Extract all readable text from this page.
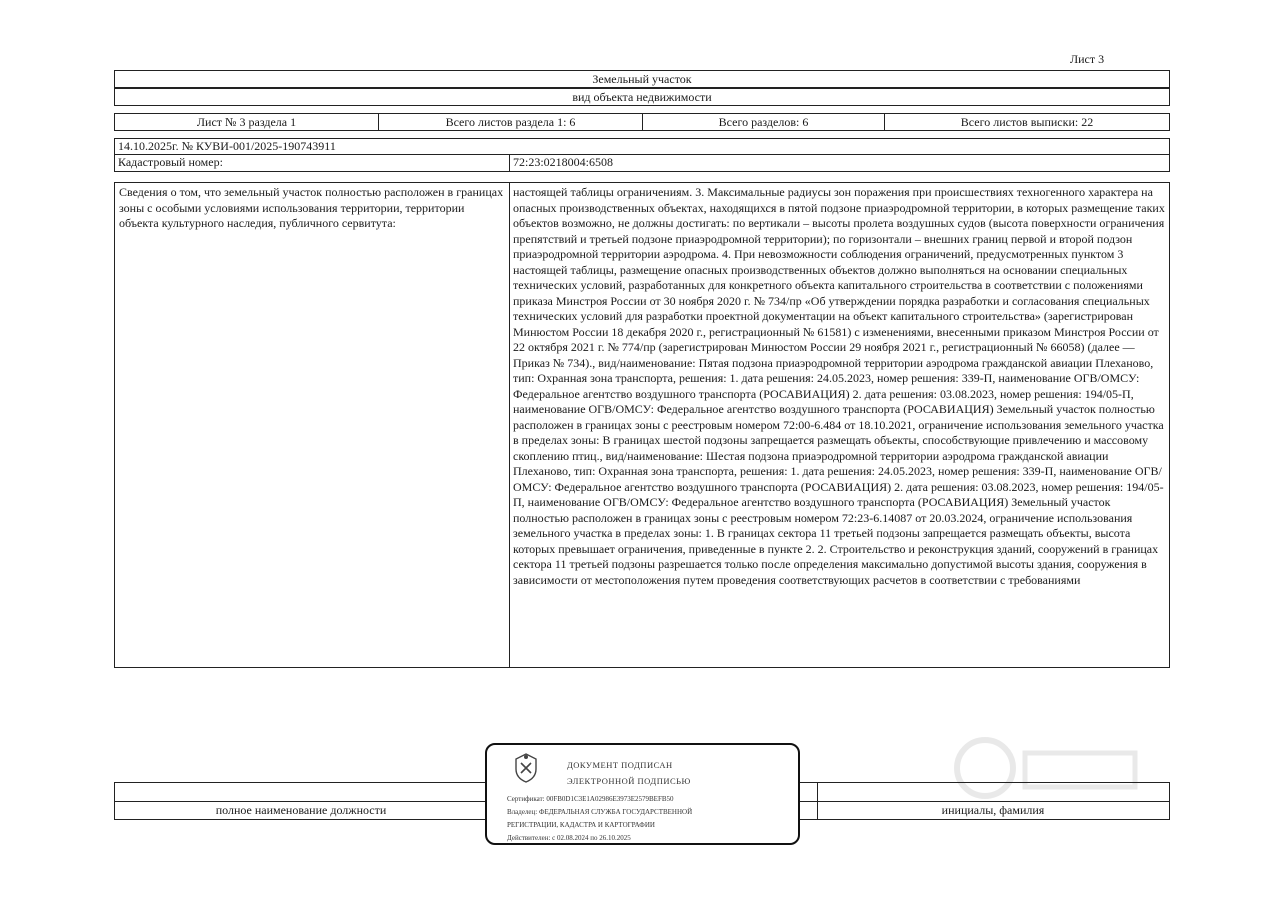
Лист 3
Земельный участок
вид объекта недвижимости
Лист № 3 раздела 1	Всего листов раздела 1: 6	Всего разделов: 6	Всего листов выписки: 22
14.10.2025г. № КУВИ-001/2025-190743911
Кадастровый номер:	72:23:0218004:6508
Сведения о том, что земельный участок полностью расположен в границах зоны с особыми условиями использования территории, территории объекта культурного наследия, публичного сервитута:
настоящей таблицы ограничениям. 3. Максимальные радиусы зон поражения при происшествиях техногенного характера на опасных производственных объектах, находящихся в пятой подзоне приаэродромной территории, в которых размещение таких объектов возможно, не должны достигать: по вертикали – высоты пролета воздушных судов (высота поверхности ограничения препятствий и третьей подзоне приаэродромной территории); по горизонтали – внешних границ первой и второй подзон приаэродромной территории аэродрома. 4. При невозможности соблюдения ограничений, предусмотренных пунктом 3 настоящей таблицы, размещение опасных производственных объектов должно выполняться на основании специальных технических условий, разработанных для конкретного объекта капитального строительства в соответствии с положениями приказа Минстроя России от 30 ноября 2020 г. № 734/пр «Об утверждении порядка разработки и согласования специальных технических условий для разработки проектной документации на объект капитального строительства» (зарегистрирован Минюстом России 18 декабря 2020 г., регистрационный № 61581) с изменениями, внесенными приказом Минстроя России от 22 октября 2021 г. № 774/пр (зарегистрирован Минюстом России 29 ноября 2021 г., регистрационный № 66058) (далее — Приказ № 734)., вид/наименование: Пятая подзона приаэродромной территории аэродрома гражданской авиации Плеханово, тип: Охранная зона транспорта, решения: 1. дата решения: 24.05.2023, номер решения: 339-П, наименование ОГВ/ОМСУ: Федеральное агентство воздушного транспорта (РОСАВИАЦИЯ) 2. дата решения: 03.08.2023, номер решения: 194/05-П, наименование ОГВ/ОМСУ: Федеральное агентство воздушного транспорта (РОСАВИАЦИЯ) Земельный участок полностью расположен в границах зоны с реестровым номером 72:00-6.484 от 18.10.2021, ограничение использования земельного участка в пределах зоны: В границах шестой подзоны запрещается размещать объекты, способствующие привлечению и массовому скоплению птиц., вид/наименование: Шестая подзона приаэродромной территории аэродрома гражданской авиации Плеханово, тип: Охранная зона транспорта, решения: 1. дата решения: 24.05.2023, номер решения: 339-П, наименование ОГВ/ОМСУ: Федеральное агентство воздушного транспорта (РОСАВИАЦИЯ) 2. дата решения: 03.08.2023, номер решения: 194/05-П, наименование ОГВ/ОМСУ: Федеральное агентство воздушного транспорта (РОСАВИАЦИЯ) Земельный участок полностью расположен в границах зоны с реестровым номером 72:23-6.14087 от 20.03.2024, ограничение использования земельного участка в пределах зоны: 1. В границах сектора 11 третьей подзоны запрещается размещать объекты, высота которых превышает ограничения, приведенные в пункте 2. 2. Строительство и реконструкция зданий, сооружений в границах сектора 11 третьей подзоны разрешается только после определения максимально допустимой высоты здания, сооружения в зависимости от местоположения путем проведения соответствующих расчетов в соответствии с требованиями
полное наименование должности	инициалы, фамилия
ДОКУМЕНТ ПОДПИСАН
ЭЛЕКТРОННОЙ ПОДПИСЬЮ
Сертификат: 00FB0D1C3E1A02986E3973E2579BEFB50
Владелец: ФЕДЕРАЛЬНАЯ СЛУЖБА ГОСУДАРСТВЕННОЙ
РЕГИСТРАЦИИ, КАДАСТРА И КАРТОГРАФИИ
Действителен: с 02.08.2024 по 26.10.2025
